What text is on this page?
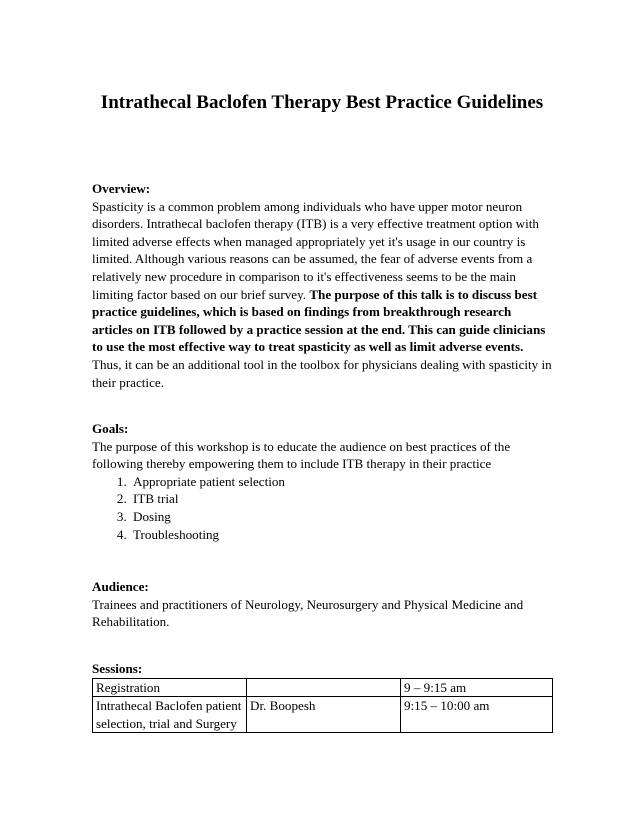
Intrathecal Baclofen Therapy Best Practice Guidelines

Overview:

Spasticity is a common problem among individuals who have upper motor neuron disorders. Intrathecal baclofen therapy (ITB) is a very effective treatment option with limited adverse effects when managed appropriately yet it's usage in our country is limited. Although various reasons can be assumed, the fear of adverse events from a relatively new procedure in comparison to it's effectiveness seems to be the main limiting factor based on our brief survey. The purpose of this talk is to discuss best practice guidelines, which is based on findings from breakthrough research articles on ITB followed by a practice session at the end. This can guide clinicians to use the most effective way to treat spasticity as well as limit adverse events. Thus, it can be an additional tool in the toolbox for physicians dealing with spasticity in their practice.

Goals:

The purpose of this workshop is to educate the audience on best practices of the following thereby empowering them to include ITB therapy in their practice

1. Appropriate patient selection
2. ITB trial
3. Dosing
4. Troubleshooting

Audience:

Trainees and practitioners of Neurology, Neurosurgery and Physical Medicine and Rehabilitation.

Sessions:

Registration		9 – 9:15 am
Intrathecal Baclofen patient selection, trial and Surgery	Dr. Boopesh	9:15 – 10:00 am
